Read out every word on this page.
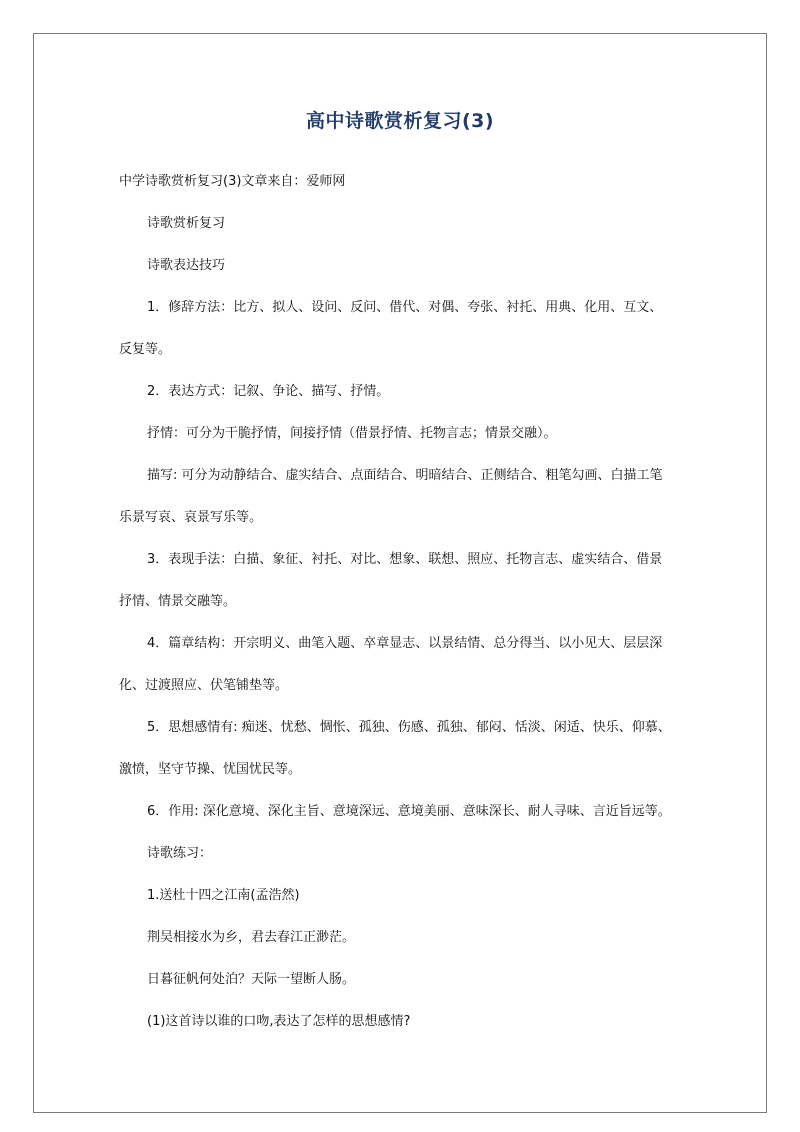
高中诗歌赏析复习(3)

中学诗歌赏析复习(3)文章来自：爱师网

诗歌赏析复习

诗歌表达技巧

1．修辞方法：比方、拟人、设问、反问、借代、对偶、夸张、衬托、用典、化用、互文、

反复等。

2．表达方式：记叙、争论、描写、抒情。

抒情：可分为干脆抒情，间接抒情（借景抒情、托物言志；情景交融）。

描写: 可分为动静结合、虚实结合、点面结合、明暗结合、正侧结合、粗笔勾画、白描工笔

乐景写哀、哀景写乐等。

3．表现手法：白描、象征、衬托、对比、想象、联想、照应、托物言志、虚实结合、借景

抒情、情景交融等。

4．篇章结构：开宗明义、曲笔入题、卒章显志、以景结情、总分得当、以小见大、层层深

化、过渡照应、伏笔铺垫等。

5．思想感情有: 痴迷、忧愁、惆怅、孤独、伤感、孤独、郁闷、恬淡、闲适、快乐、仰慕、

激愤，坚守节操、忧国忧民等。

6．作用: 深化意境、深化主旨、意境深远、意境美丽、意味深长、耐人寻味、言近旨远等。

诗歌练习：

1.送杜十四之江南(孟浩然)

荆吴相接水为乡，君去春江正渺茫。

日暮征帆何处泊？天际一望断人肠。

(1)这首诗以谁的口吻,表达了怎样的思想感情?
